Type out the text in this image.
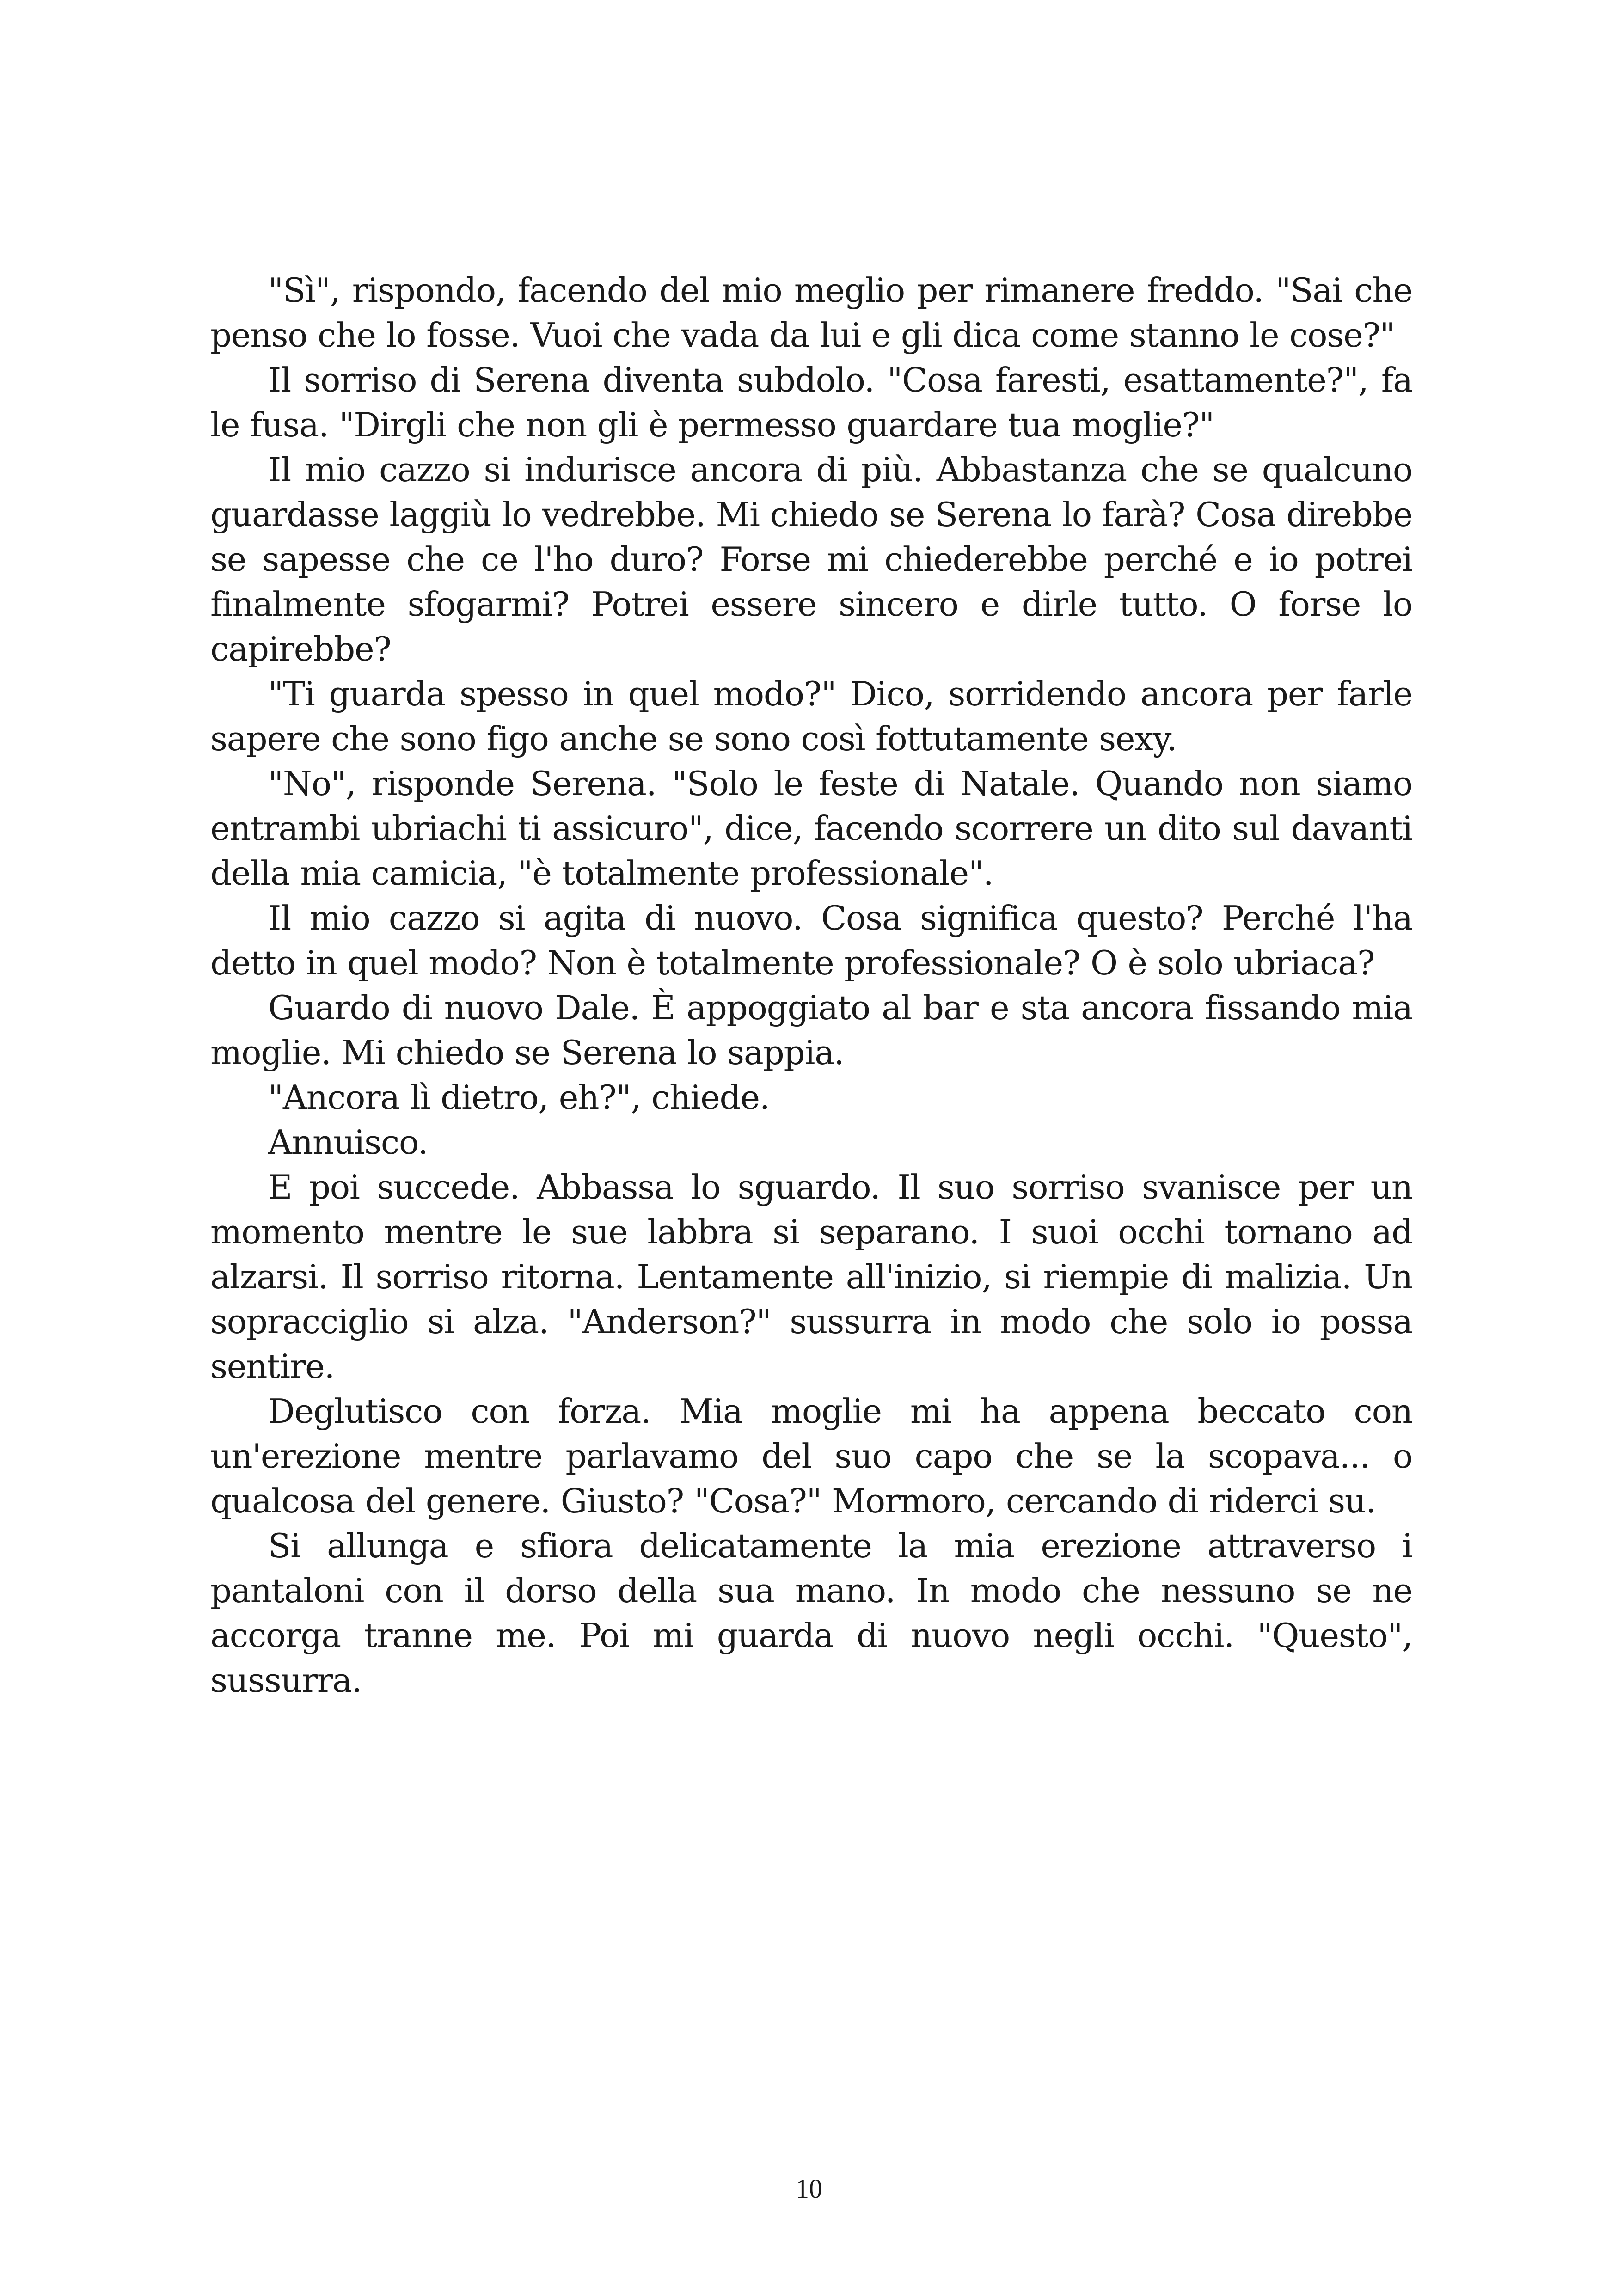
"Sì", rispondo, facendo del mio meglio per rimanere freddo. "Sai che penso che lo fosse. Vuoi che vada da lui e gli dica come stanno le cose?"

Il sorriso di Serena diventa subdolo. "Cosa faresti, esattamente?", fa le fusa. "Dirgli che non gli è permesso guardare tua moglie?"

Il mio cazzo si indurisce ancora di più. Abbastanza che se qualcuno guardasse laggiù lo vedrebbe. Mi chiedo se Serena lo farà? Cosa direbbe se sapesse che ce l'ho duro? Forse mi chiederebbe perché e io potrei finalmente sfogarmi? Potrei essere sincero e dirle tutto. O forse lo capirebbe?

"Ti guarda spesso in quel modo?" Dico, sorridendo ancora per farle sapere che sono figo anche se sono così fottutamente sexy.

"No", risponde Serena. "Solo le feste di Natale. Quando non siamo entrambi ubriachi ti assicuro", dice, facendo scorrere un dito sul davanti della mia camicia, "è totalmente professionale".

Il mio cazzo si agita di nuovo. Cosa significa questo? Perché l'ha detto in quel modo? Non è totalmente professionale? O è solo ubriaca?

Guardo di nuovo Dale. È appoggiato al bar e sta ancora fissando mia moglie. Mi chiedo se Serena lo sappia.

"Ancora lì dietro, eh?", chiede.

Annuisco.

E poi succede. Abbassa lo sguardo. Il suo sorriso svanisce per un momento mentre le sue labbra si separano. I suoi occhi tornano ad alzarsi. Il sorriso ritorna. Lentamente all'inizio, si riempie di malizia. Un sopracciglio si alza. "Anderson?" sussurra in modo che solo io possa sentire.

Deglutisco con forza. Mia moglie mi ha appena beccato con un'erezione mentre parlavamo del suo capo che se la scopava... o qualcosa del genere. Giusto? "Cosa?" Mormoro, cercando di riderci su.

Si allunga e sfiora delicatamente la mia erezione attraverso i pantaloni con il dorso della sua mano. In modo che nessuno se ne accorga tranne me. Poi mi guarda di nuovo negli occhi. "Questo", sussurra.

10
